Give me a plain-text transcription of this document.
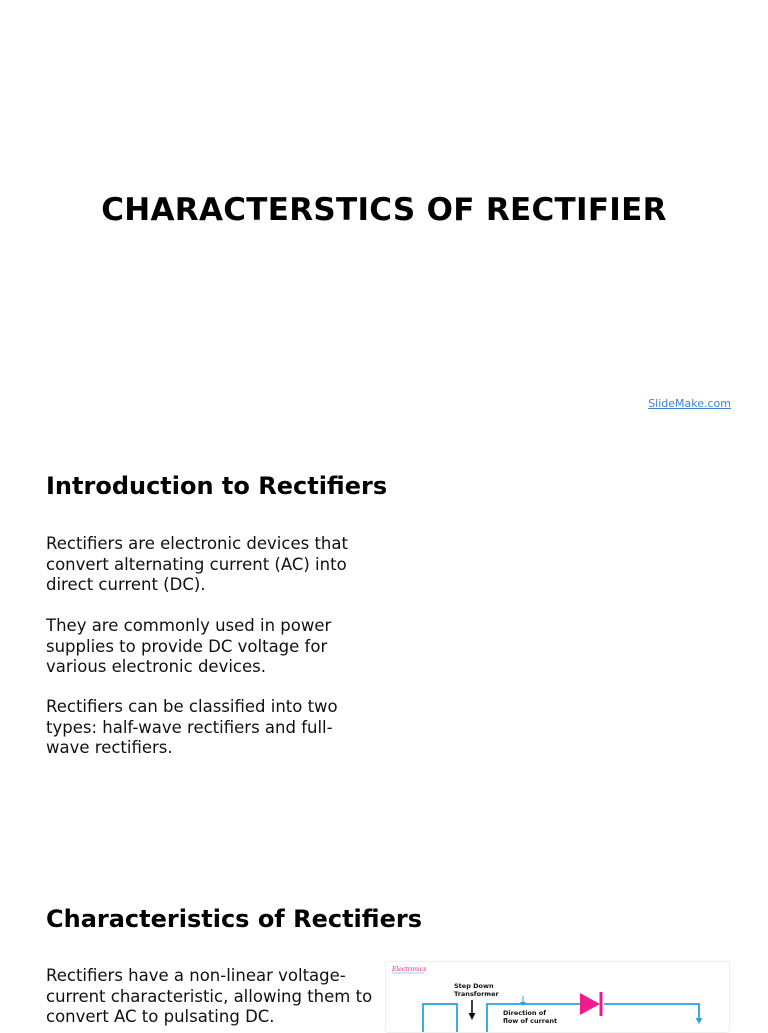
CHARACTERSTICS OF RECTIFIER
SlideMake.com
Introduction to Rectifiers

Rectifiers are electronic devices that convert alternating current (AC) into direct current (DC).

They are commonly used in power supplies to provide DC voltage for various electronic devices.

Rectifiers can be classified into two types: half-wave rectifiers and full-wave rectifiers.

Characteristics of Rectifiers

Rectifiers have a non-linear voltage-current characteristic, allowing them to convert AC to pulsating DC.

Electronics
Step Down Transformer
Direction of flow of current
